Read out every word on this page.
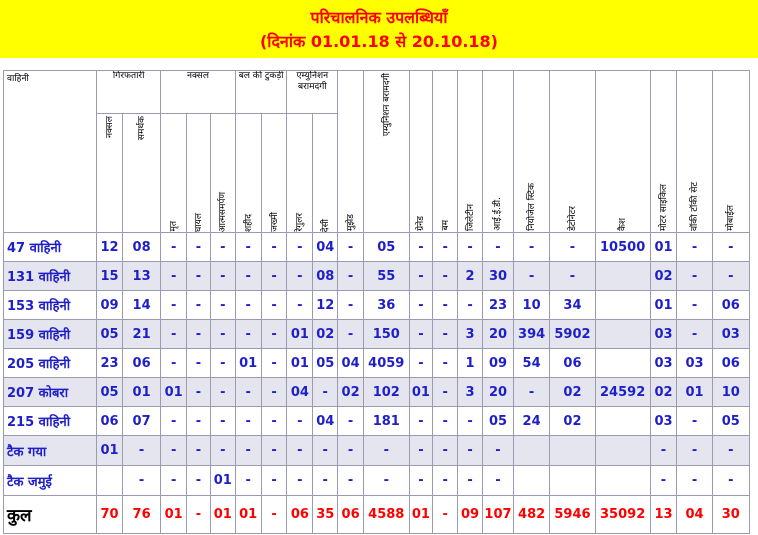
परिचालनिक उपलब्धियॉं
(दिनांक 01.01.18 से 20.10.18)
वाहिनी	गिरफतारी		नक्सल			बल की टुकड़ी		एम्युनिशन बरामदगी		मुझेड	एम्युनिशन बरामदगी	ग्रेनेड	बम	जिलेटीन	आई.ई.डी.	नियोजेल स्टिक	डेटोनेटर	कैश	मोटर साइकिल	वॉकी टॉकी सेट	मोबाईल

	नक्सल	समर्थक	मृत	घायल	आत्मसमर्पण	शहीद	जख्मी	रेगुलर	देसी												

47 वाहिनी	12	08	-	-	-	-	-	-	04	-	05	-	-	-	-	-	-	10500	01	-	-
131 वाहिनी	15	13	-	-	-	-	-	-	08	-	55	-	-	2	30	-	-		02	-	-
153 वाहिनी	09	14	-	-	-	-	-	-	12	-	36	-	-	-	23	10	34		01	-	06
159 वाहिनी	05	21	-	-	-	-	-	01	02	-	150	-	-	3	20	394	5902		03	-	03
205 वाहिनी	23	06	-	-	-	01	-	01	05	04	4059	-	-	1	09	54	06		03	03	06
207 कोबरा	05	01	01	-	-	-	-	04	-	02	102	01	-	3	20	-	02	24592	02	01	10
215 वाहिनी	06	07	-	-	-	-	-	-	04	-	181	-	-	-	05	24	02		03	-	05
टैक गया	01	-	-	-	-	-	-	-	-	-	-	-	-	-	-				-	-	-
टैक जमुई		-	-	-	01	-	-	-	-	-	-	-	-	-	-				-	-	-
कुल	70	76	01	-	01	01	-	06	35	06	4588	01	-	09	107	482	5946	35092	13	04	30
